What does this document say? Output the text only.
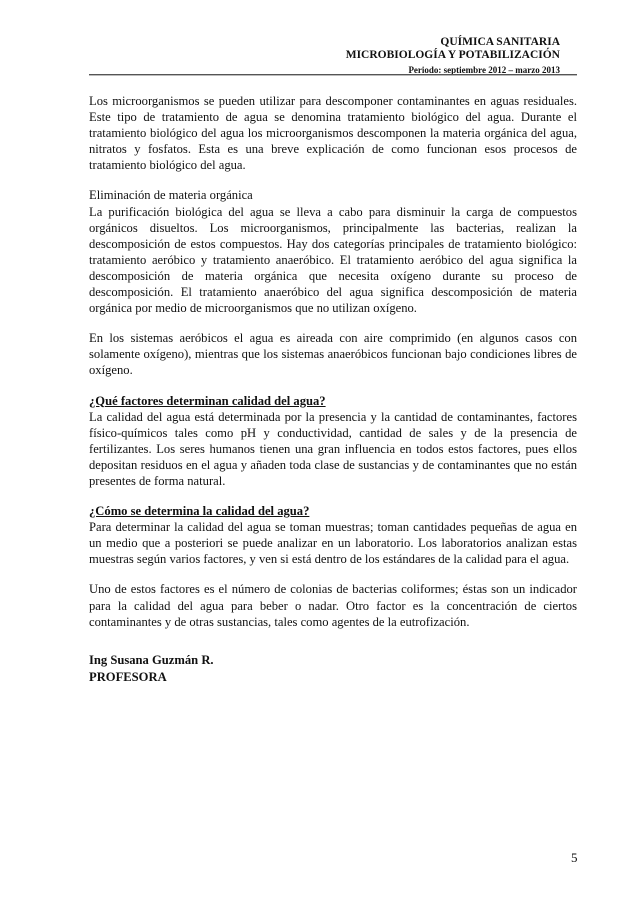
QUÍMICA SANITARIA
MICROBIOLOGÍA Y POTABILIZACIÓN
Periodo: septiembre 2012 – marzo 2013

Los microorganismos se pueden utilizar para descomponer contaminantes en aguas residuales. Este tipo de tratamiento de agua se denomina tratamiento biológico del agua. Durante el tratamiento biológico del agua los microorganismos descomponen la materia orgánica del agua, nitratos y fosfatos. Esta es una breve explicación de como funcionan esos procesos de tratamiento biológico del agua.

Eliminación de materia orgánica

La purificación biológica del agua se lleva a cabo para disminuir la carga de compuestos orgánicos disueltos. Los microorganismos, principalmente las bacterias, realizan la descomposición de estos compuestos. Hay dos categorías principales de tratamiento biológico: tratamiento aeróbico y tratamiento anaeróbico. El tratamiento aeróbico del agua significa la descomposición de materia orgánica que necesita oxígeno durante su proceso de descomposición. El tratamiento anaeróbico del agua significa descomposición de materia orgánica por medio de microorganismos que no utilizan oxígeno.

En los sistemas aeróbicos el agua es aireada con aire comprimido (en algunos casos con solamente oxígeno), mientras que los sistemas anaeróbicos funcionan bajo condiciones libres de oxígeno.

¿Qué factores determinan calidad del agua?

La calidad del agua está determinada por la presencia y la cantidad de contaminantes, factores físico-químicos tales como pH y conductividad, cantidad de sales y de la presencia de fertilizantes. Los seres humanos tienen una gran influencia en todos estos factores, pues ellos depositan residuos en el agua y añaden toda clase de sustancias y de contaminantes que no están presentes de forma natural.

¿Cómo se determina la calidad del agua?

Para determinar la calidad del agua se toman muestras; toman cantidades pequeñas de agua en un medio que a posteriori se puede analizar en un laboratorio. Los laboratorios analizan estas muestras según varios factores, y ven si está dentro de los estándares de la calidad para el agua.

Uno de estos factores es el número de colonias de bacterias coliformes; éstas son un indicador para la calidad del agua para beber o nadar. Otro factor es la concentración de ciertos contaminantes y de otras sustancias, tales como agentes de la eutrofización.

Ing Susana Guzmán R.
PROFESORA
5
